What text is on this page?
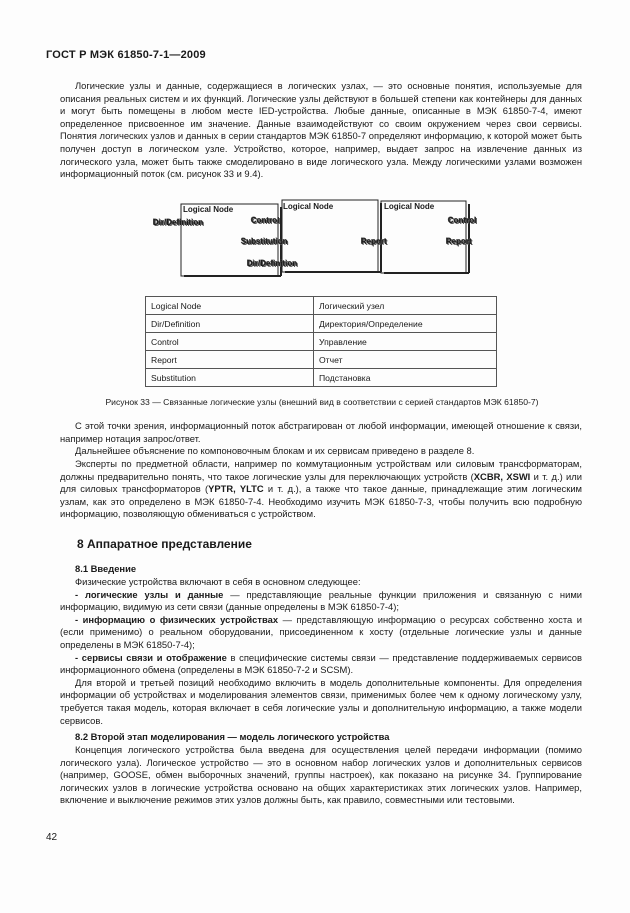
ГОСТ Р МЭК 61850-7-1—2009

Логические узлы и данные, содержащиеся в логических узлах, — это основные понятия, используемые для описания реальных систем и их функций. Логические узлы действуют в большей степени как контейнеры для данных и могут быть помещены в любом месте IED-устройства. Любые данные, описанные в МЭК 61850-7-4, имеют определенное присвоенное им значение. Данные взаимодействуют со своим окружением через свои сервисы. Понятия логических узлов и данных в серии стандартов МЭК 61850-7 определяют информацию, к которой может быть получен доступ в логическом узле. Устройство, которое, например, выдает запрос на извлечение данных из логического узла, может быть также смоделировано в виде логического узла. Между логическими узлами возможен информационный поток (см. рисунок 33 и 9.4).

Logical Node	Logical Node	Logical Node
Dir/Definition	Control
Substitution
Dir/Definition
Report
Control
Report
Logical Node	Логический узел
Dir/Definition	Директория/Определение
Control	Управление
Report	Отчет
Substitution	Подстановка
Рисунок 33 — Связанные логические узлы (внешний вид в соответствии с серией стандартов МЭК 61850-7)

С этой точки зрения, информационный поток абстрагирован от любой информации, имеющей отношение к связи, например нотация запрос/ответ.

Дальнейшее объяснение по компоновочным блокам и их сервисам приведено в разделе 8.

Эксперты по предметной области, например по коммутационным устройствам или силовым трансформаторам, должны предварительно понять, что такое логические узлы для переключающих устройств (XCBR, XSWI и т. д.) или для силовых трансформаторов (YPTR, YLTC и т. д.), а также что такое данные, принадлежащие этим логическим узлам, как это определено в МЭК 61850-7-4. Необходимо изучить МЭК 61850-7-3, чтобы получить всю подробную информацию, позволяющую обмениваться с устройством.

8 Аппаратное представление
8.1 Введение

Физические устройства включают в себя в основном следующее:

- логические узлы и данные — представляющие реальные функции приложения и связанную с ними информацию, видимую из сети связи (данные определены в МЭК 61850-7-4);

- информацию о физических устройствах — представляющую информацию о ресурсах собственно хоста и (если применимо) о реальном оборудовании, присоединенном к хосту (отдельные логические узлы и данные определены в МЭК 61850-7-4);

- сервисы связи и отображение в специфические системы связи — представление поддерживаемых сервисов информационного обмена (определены в МЭК 61850-7-2 и SCSM).

Для второй и третьей позиций необходимо включить в модель дополнительные компоненты. Для определения информации об устройствах и моделирования элементов связи, применимых более чем к одному логическому узлу, требуется такая модель, которая включает в себя логические узлы и дополнительную информацию, а также модели сервисов.

8.2 Второй этап моделирования — модель логического устройства

Концепция логического устройства была введена для осуществления целей передачи информации (помимо логического узла). Логическое устройство — это в основном набор логических узлов и дополнительных сервисов (например, GOOSE, обмен выборочных значений, группы настроек), как показано на рисунке 34. Группирование логических узлов в логические устройства основано на общих характеристиках этих логических узлов. Например, включение и выключение режимов этих узлов должны быть, как правило, совместными или тестовыми.

42
